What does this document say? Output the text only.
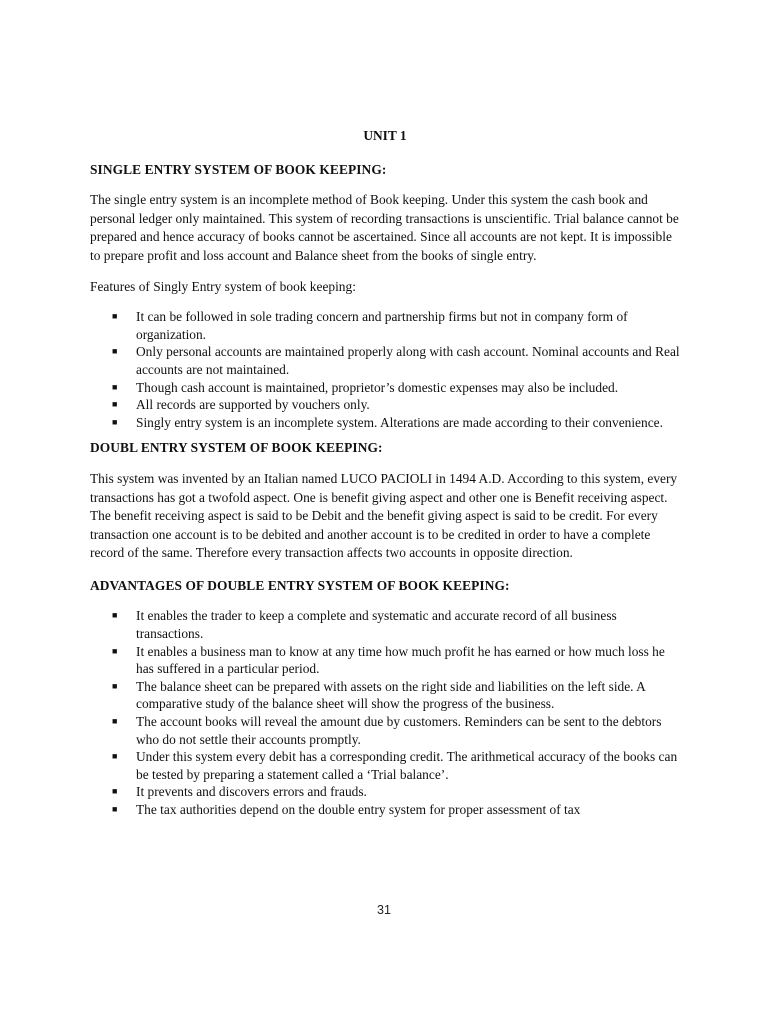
UNIT 1

SINGLE ENTRY SYSTEM OF BOOK KEEPING:

The single entry system is an incomplete method of Book keeping. Under this system the cash book and personal ledger only maintained. This system of recording transactions is unscientific. Trial balance cannot be prepared and hence accuracy of books cannot be ascertained. Since all accounts are not kept. It is impossible to prepare profit and loss account and Balance sheet from the books of single entry.

Features of Singly Entry system of book keeping:

■ It can be followed in sole trading concern and partnership firms but not in company form of organization.
■ Only personal accounts are maintained properly along with cash account. Nominal accounts and Real accounts are not maintained.
■ Though cash account is maintained, proprietor’s domestic expenses may also be included.
■ All records are supported by vouchers only.
■ Singly entry system is an incomplete system. Alterations are made according to their convenience.

DOUBL ENTRY SYSTEM OF BOOK KEEPING:

This system was invented by an Italian named LUCO PACIOLI in 1494 A.D. According to this system, every transactions has got a twofold aspect. One is benefit giving aspect and other one is Benefit receiving aspect. The benefit receiving aspect is said to be Debit and the benefit giving aspect is said to be credit. For every transaction one account is to be debited and another account is to be credited in order to have a complete record of the same. Therefore every transaction affects two accounts in opposite direction.

ADVANTAGES OF DOUBLE ENTRY SYSTEM OF BOOK KEEPING:

■ It enables the trader to keep a complete and systematic and accurate record of all business transactions.
■ It enables a business man to know at any time how much profit he has earned or how much loss he has suffered in a particular period.
■ The balance sheet can be prepared with assets on the right side and liabilities on the left side. A comparative study of the balance sheet will show the progress of the business.
■ The account books will reveal the amount due by customers. Reminders can be sent to the debtors who do not settle their accounts promptly.
■ Under this system every debit has a corresponding credit. The arithmetical accuracy of the books can be tested by preparing a statement called a ‘Trial balance’.
■ It prevents and discovers errors and frauds.
■ The tax authorities depend on the double entry system for proper assessment of tax
31
